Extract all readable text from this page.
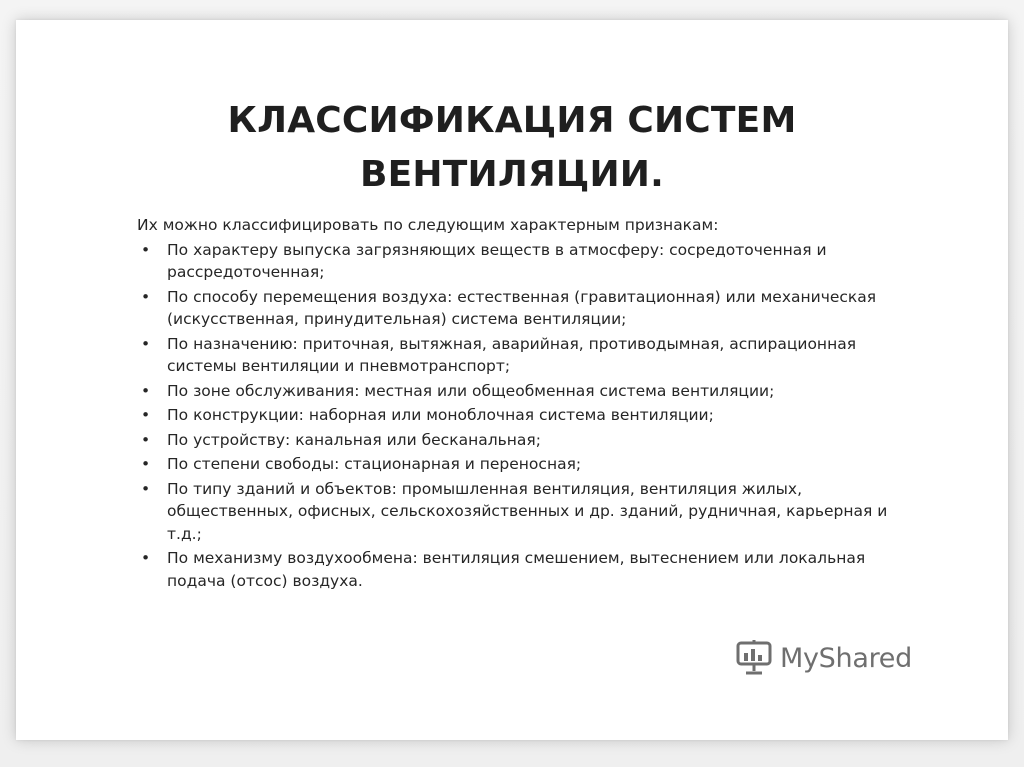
КЛАССИФИКАЦИЯ СИСТЕМ
ВЕНТИЛЯЦИИ.

Их можно классифицировать по следующим характерным признакам:

• По характеру выпуска загрязняющих веществ в атмосферу: сосредоточенная и рассредоточенная;
• По способу перемещения воздуха: естественная (гравитационная) или механическая (искусственная, принудительная) система вентиляции;
• По назначению: приточная, вытяжная, аварийная, противодымная, аспирационная системы вентиляции и пневмотранспорт;
• По зоне обслуживания: местная или общеобменная система вентиляции;
• По конструкции: наборная или моноблочная система вентиляции;
• По устройству: канальная или бесканальная;
• По степени свободы: стационарная и переносная;
• По типу зданий и объектов: промышленная вентиляция, вентиляция жилых, общественных, офисных, сельскохозяйственных и др. зданий, рудничная, карьерная и т.д.;
• По механизму воздухообмена: вентиляция смешением, вытеснением или локальная подача (отсос) воздуха.
MyShared
